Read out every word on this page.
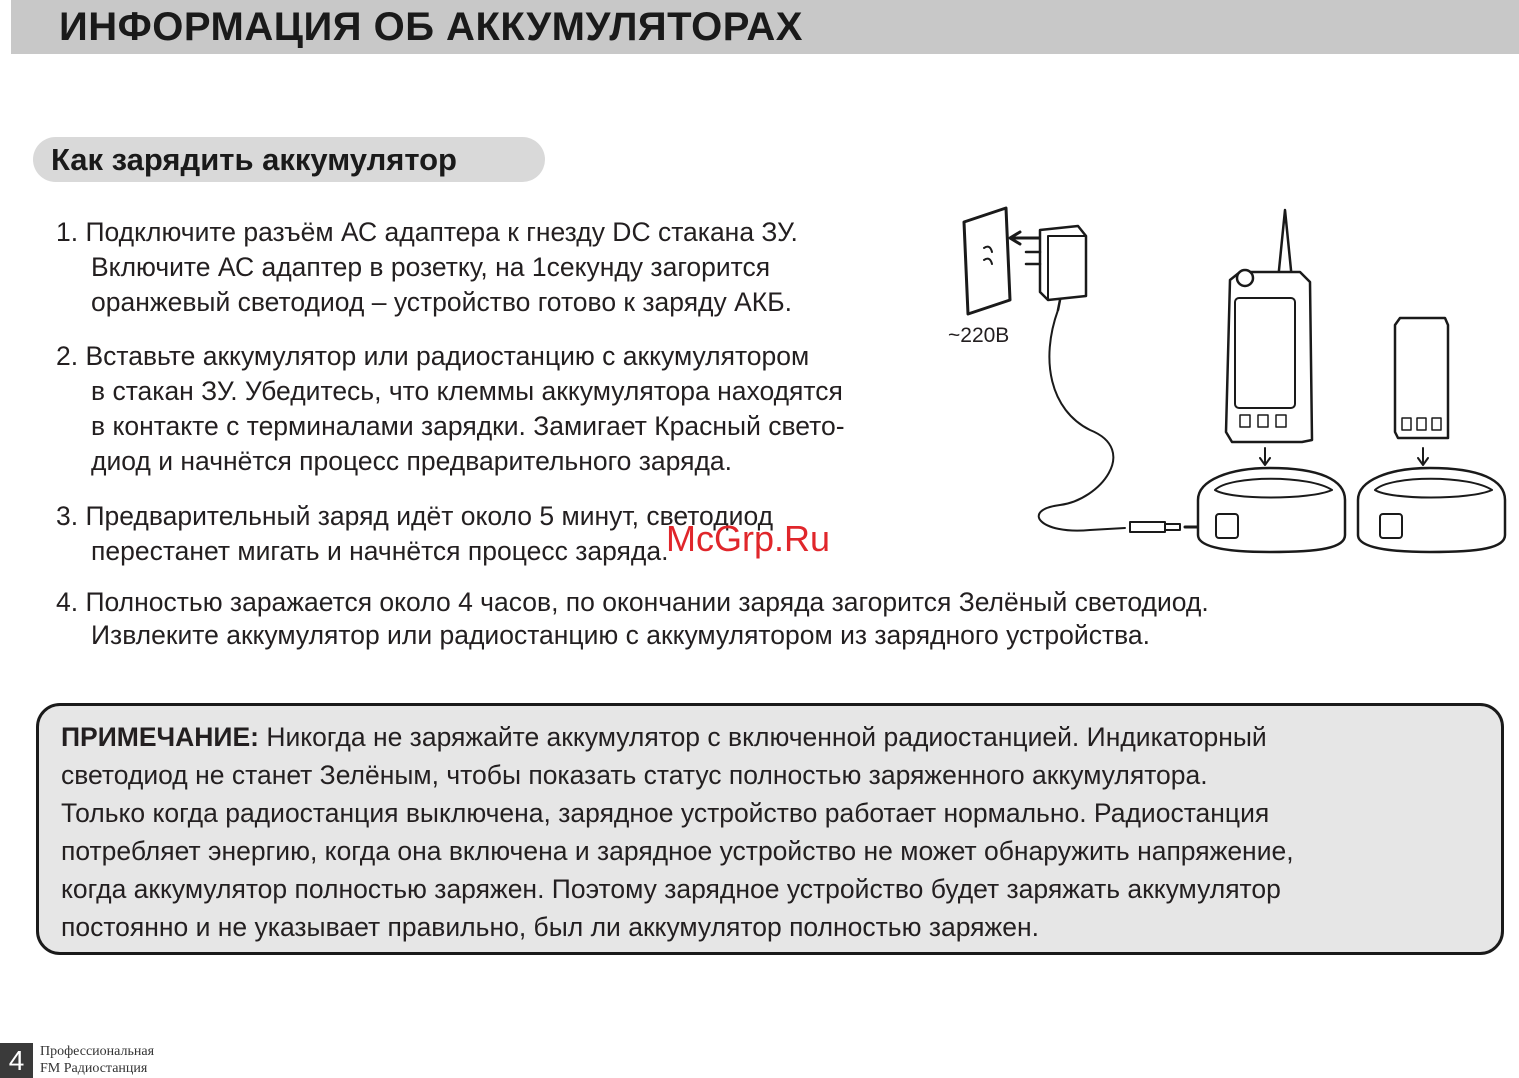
ИНФОРМАЦИЯ ОБ АККУМУЛЯТОРАХ
Как зарядить аккумулятор
1. Подключите разъём АС адаптера к гнезду DC стакана ЗУ.
Включите АС адаптер в розетку, на 1секунду загорится
оранжевый светодиод – устройство готово к заряду АКБ.
2. Вставьте аккумулятор или радиостанцию с аккумулятором
в стакан ЗУ. Убедитесь, что клеммы аккумулятора находятся
в контакте с терминалами зарядки. Замигает Красный свето-
диод и начнётся процесс предварительного заряда.
3. Предварительный заряд идёт около 5 минут, светодиод
перестанет мигать и начнётся процесс заряда.
4. Полностью заражается около 4 часов, по окончании заряда загорится Зелёный светодиод.
Извлеките аккумулятор или радиостанцию с аккумулятором из зарядного устройства.
~220В
McGrp.Ru
ПРИМЕЧАНИЕ: Никогда не заряжайте аккумулятор с включенной радиостанцией. Индикаторный
светодиод не станет Зелёным, чтобы показать статус полностью заряженного аккумулятора.
Только когда радиостанция выключена, зарядное устройство работает нормально. Радиостанция
потребляет энергию, когда она включена и зарядное устройство не может обнаружить напряжение,
когда аккумулятор полностью заряжен. Поэтому зарядное устройство будет заряжать аккумулятор
постоянно и не указывает правильно, был ли аккумулятор полностью заряжен.
4	Профессиональная
FM Радиостанция
